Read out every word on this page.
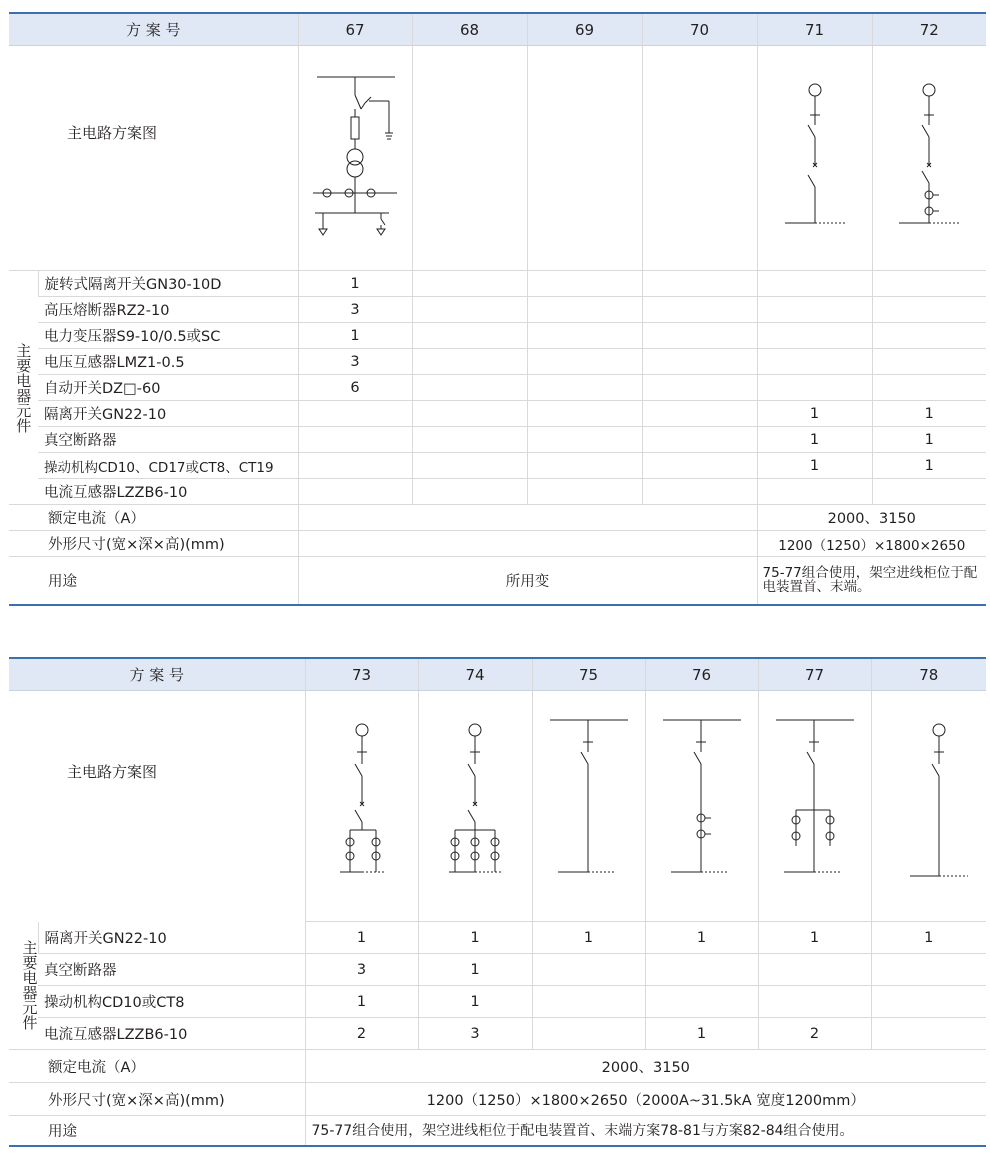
方 案 号		67	68	69	70	71	72
主电路方案图	

主要电器元件	旋转式隔离开关GN30-10D	1					
	高压熔断器RZ2-10	3					
	电力变压器S9-10/0.5或SC	1					
	电压互感器LMZ1-0.5	3					
	自动开关DZ□-60	6					
	隔离开关GN22-10					1	1
	真空断路器					1	1
	操动机构CD10、CD17或CT8、CT19					1	1
	电流互感器LZZB6-10						
额定电流（A）						2000、3150	
外形尺寸(宽×深×高)(mm)						1200（1250）×1800×2650	
用途		所用变				75-77组合使用，架空进线柜位于配电装置首、末端。	
方 案 号		73	74	75	76	77	78
主电路方案图	

主要电器元件	隔离开关GN22-10	1	1	1	1	1	1
	真空断路器	3	1				
	操动机构CD10或CT8	1	1				
	电流互感器LZZB6-10	2	3		1	2	
额定电流（A）		2000、3150					
外形尺寸(宽×深×高)(mm)		1200（1250）×1800×2650（2000A~31.5kA 宽度1200mm）					
用途		75-77组合使用，架空进线柜位于配电装置首、末端方案78-81与方案82-84组合使用。					
